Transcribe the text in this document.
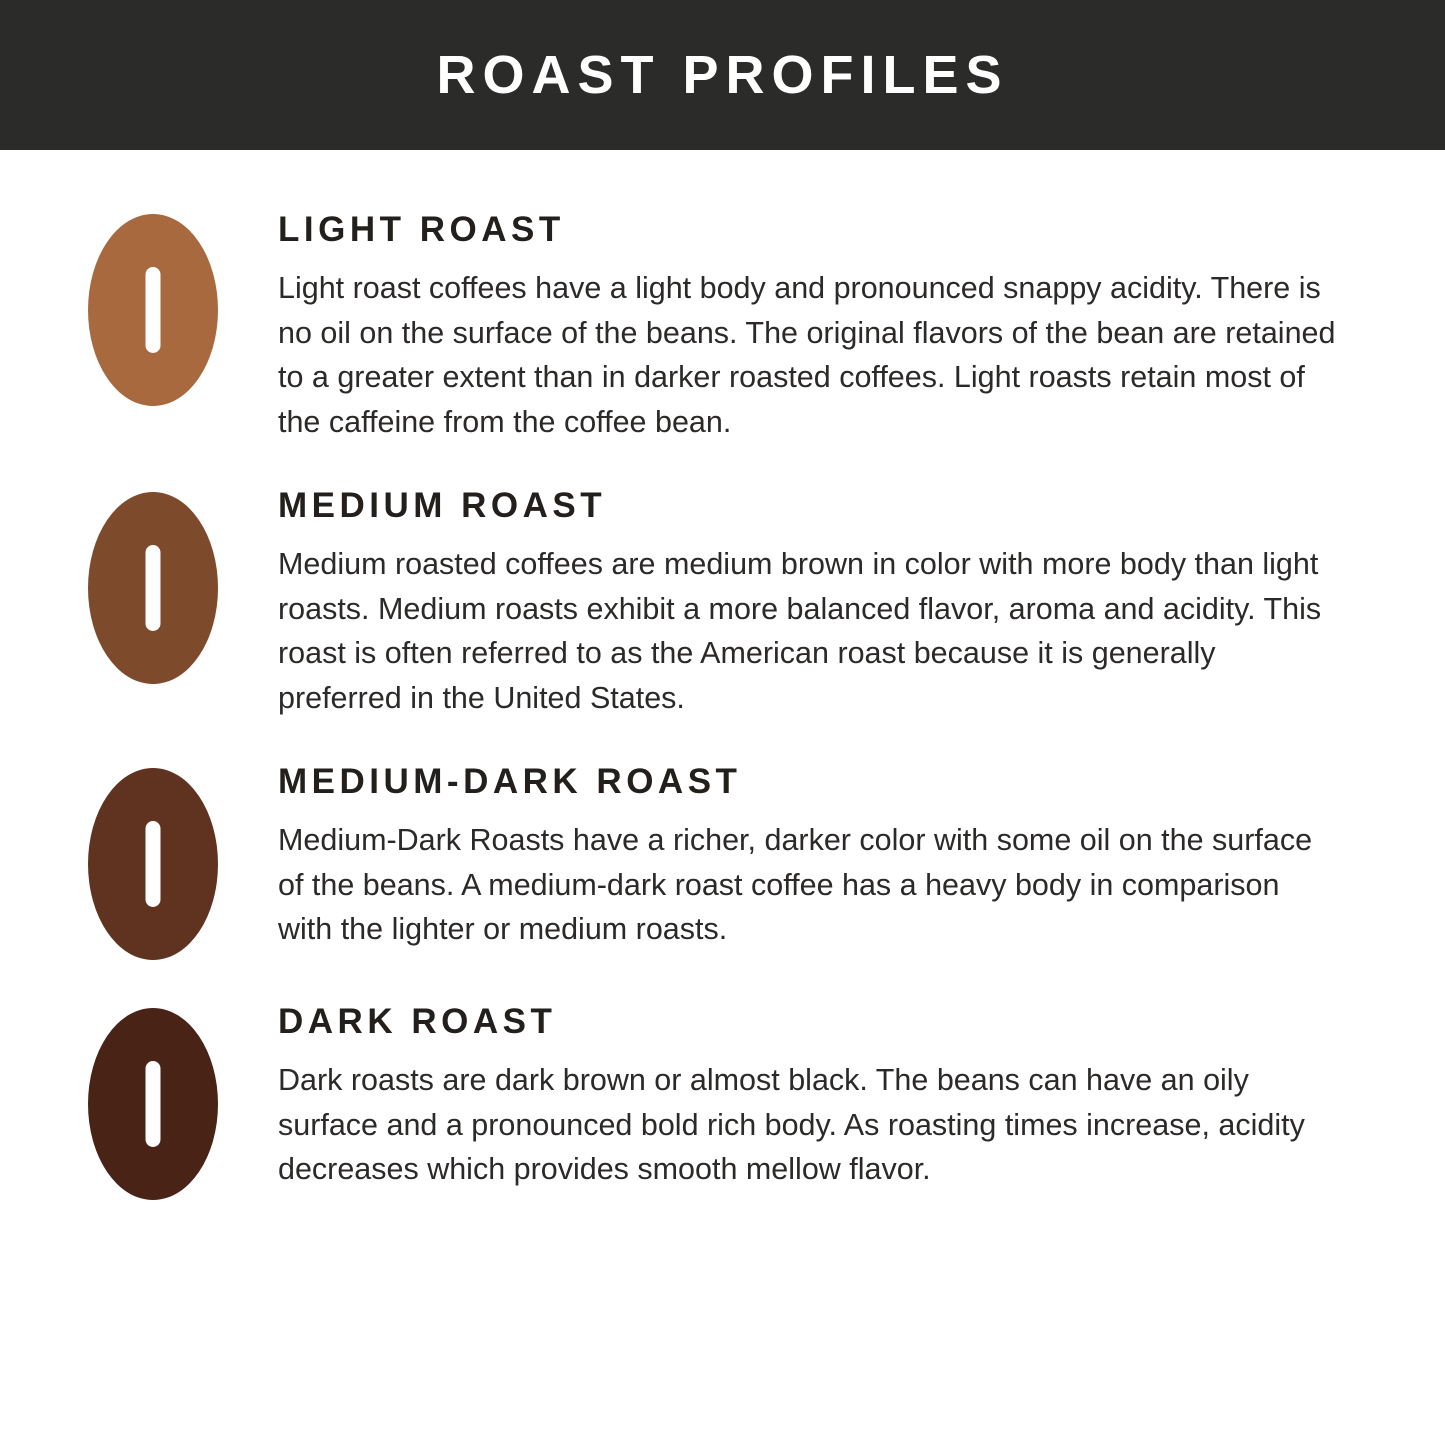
ROAST PROFILES
LIGHT ROAST

Light roast coffees have a light body and pronounced snappy acidity. There is no oil on the surface of the beans. The original flavors of the bean are retained to a greater extent than in darker roasted coffees. Light roasts retain most of the caffeine from the coffee bean.

MEDIUM ROAST

Medium roasted coffees are medium brown in color with more body than light roasts. Medium roasts exhibit a more balanced flavor, aroma and acidity. This roast is often referred to as the American roast because it is generally preferred in the United States.

MEDIUM-DARK ROAST

Medium-Dark Roasts have a richer, darker color with some oil on the surface of the beans. A medium-dark roast coffee has a heavy body in comparison with the lighter or medium roasts.

DARK ROAST

Dark roasts are dark brown or almost black. The beans can have an oily surface and a pronounced bold rich body. As roasting times increase, acidity decreases which provides smooth mellow flavor.
